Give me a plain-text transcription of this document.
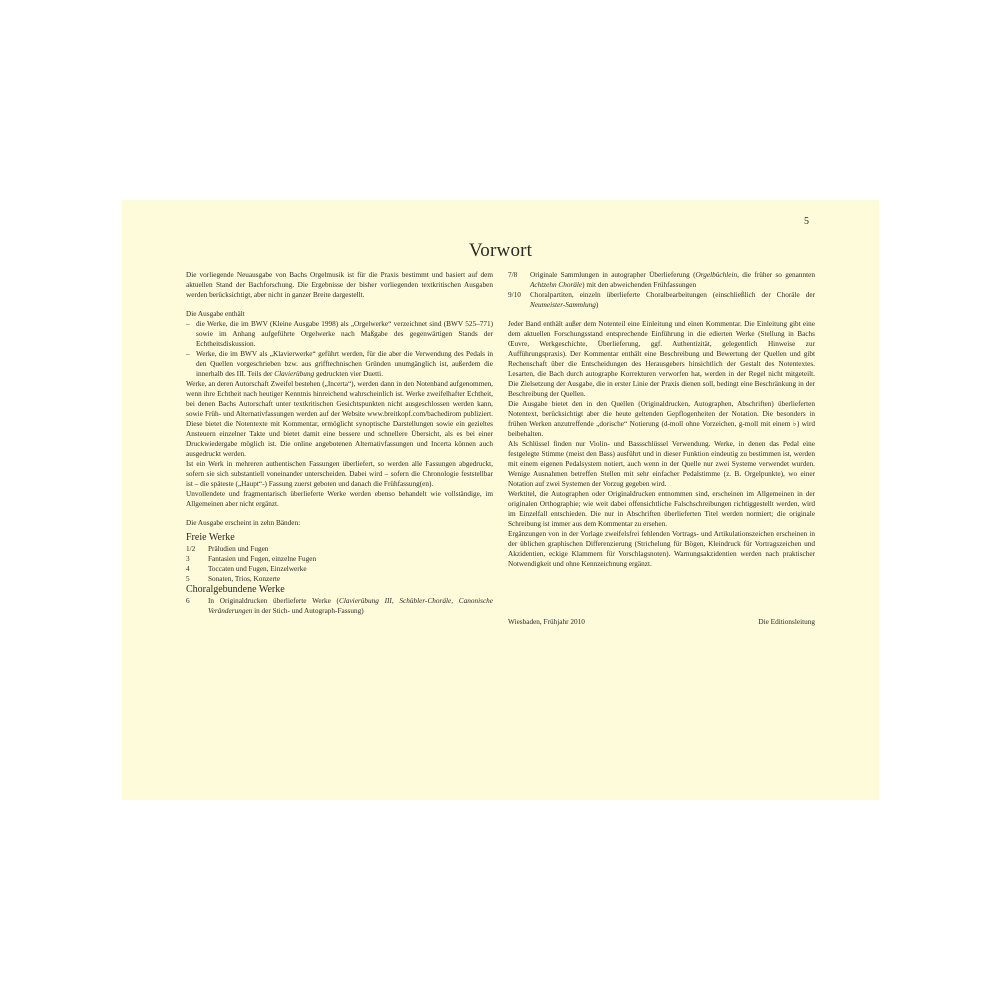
5
Vorwort

Die vorliegende Neuausgabe von Bachs Orgelmusik ist für die Praxis bestimmt und basiert auf dem aktuellen Stand der Bachforschung. Die Ergebnisse der bisher vorliegenden textkritischen Ausgaben werden berücksichtigt, aber nicht in ganzer Breite dargestellt.

Die Ausgabe enthält

– die Werke, die im BWV (Kleine Ausgabe 1998) als „Orgelwerke“ verzeichnet sind (BWV 525–771) sowie im Anhang aufgeführte Orgelwerke nach Maßgabe des gegenwärtigen Stands der Echtheitsdiskussion.

– Werke, die im BWV als „Klavierwerke“ geführt werden, für die aber die Verwendung des Pedals in den Quellen vorgeschrieben bzw. aus grifftechnischen Gründen unumgänglich ist, außerdem die innerhalb des III. Teils der Clavierübung gedruckten vier Duetti.

Werke, an deren Autorschaft Zweifel bestehen („Incerta“), werden dann in den Notenband aufgenommen, wenn ihre Echtheit nach heutiger Kenntnis hinreichend wahrscheinlich ist. Werke zweifelhafter Echtheit, bei denen Bachs Autorschaft unter textkritischen Gesichtspunkten nicht ausgeschlossen werden kann, sowie Früh- und Alternativfassungen werden auf der Website www.breitkopf.com/bachedirom publiziert. Diese bietet die Notentexte mit Kommentar, ermöglicht synoptische Darstellungen sowie ein gezieltes Ansteuern einzelner Takte und bietet damit eine bessere und schnellere Übersicht, als es bei einer Druckwiedergabe möglich ist. Die online angebotenen Alternativfassungen und Incerta können auch ausgedruckt werden.

Ist ein Werk in mehreren authentischen Fassungen überliefert, so werden alle Fassungen abgedruckt, sofern sie sich substantiell voneinander unterscheiden. Dabei wird – sofern die Chronologie feststellbar ist – die späteste („Haupt“-) Fassung zuerst geboten und danach die Frühfassung(en).

Unvollendete und fragmentarisch überlieferte Werke werden ebenso behandelt wie vollständige, im Allgemeinen aber nicht ergänzt.

Die Ausgabe erscheint in zehn Bänden:

Freie Werke

1/2	Präludien und Fugen
3	Fantasien und Fugen, einzelne Fugen
4	Toccaten und Fugen, Einzelwerke
5	Sonaten, Trios, Konzerte

Choralgebundene Werke

6	In Originaldrucken überlieferte Werke (Clavierübung III, Schübler-Choräle, Canonische Veränderungen in der Stich- und Autograph-Fassung)
7/8	Originale Sammlungen in autographer Überlieferung (Orgelbüchlein, die früher so genannten Achtzehn Choräle) mit den abweichenden Frühfassungen
9/10	Choralpartiten, einzeln überlieferte Choralbearbeitungen (einschließlich der Choräle der Neumeister-Sammlung)

Jeder Band enthält außer dem Notenteil eine Einleitung und einen Kommentar. Die Einleitung gibt eine dem aktuellen Forschungsstand entsprechende Einführung in die edierten Werke (Stellung in Bachs Œuvre, Werkgeschichte, Überlieferung, ggf. Authentizität, gelegentlich Hinweise zur Aufführungspraxis). Der Kommentar enthält eine Beschreibung und Bewertung der Quellen und gibt Rechenschaft über die Entscheidungen des Herausgebers hinsichtlich der Gestalt des Notentextes. Lesarten, die Bach durch autographe Korrekturen verworfen hat, werden in der Regel nicht mitgeteilt. Die Zielsetzung der Ausgabe, die in erster Linie der Praxis dienen soll, bedingt eine Beschränkung in der Beschreibung der Quellen.

Die Ausgabe bietet den in den Quellen (Originaldrucken, Autographen, Abschriften) überlieferten Notentext, berücksichtigt aber die heute geltenden Gepflogenheiten der Notation. Die besonders in frühen Werken anzutreffende „dorische“ Notierung (d-moll ohne Vorzeichen, g-moll mit einem ♭) wird beibehalten.

Als Schlüssel finden nur Violin- und Bassschlüssel Verwendung. Werke, in denen das Pedal eine festgelegte Stimme (meist den Bass) ausführt und in dieser Funktion eindeutig zu bestimmen ist, werden mit einem eigenen Pedalsystem notiert, auch wenn in der Quelle nur zwei Systeme verwendet wurden. Wenige Ausnahmen betreffen Stellen mit sehr einfacher Pedalstimme (z. B. Orgelpunkte), wo einer Notation auf zwei Systemen der Vorzug gegeben wird.

Werktitel, die Autographen oder Originaldrucken entnommen sind, erscheinen im Allgemeinen in der originalen Orthographie; wie weit dabei offensichtliche Falschschreibungen richtiggestellt werden, wird im Einzelfall entschieden. Die nur in Abschriften überlieferten Titel werden normiert; die originale Schreibung ist immer aus dem Kommentar zu ersehen.

Ergänzungen von in der Vorlage zweifelsfrei fehlenden Vortrags- und Artikulationszeichen erscheinen in der üblichen graphischen Differenzierung (Strichelung für Bögen, Kleindruck für Vortragszeichen und Akzidentien, eckige Klammern für Vorschlagsnoten). Warnungsakzidentien werden nach praktischer Notwendigkeit und ohne Kennzeichnung ergänzt.

Wiesbaden, Frühjahr 2010	Die Editionsleitung
